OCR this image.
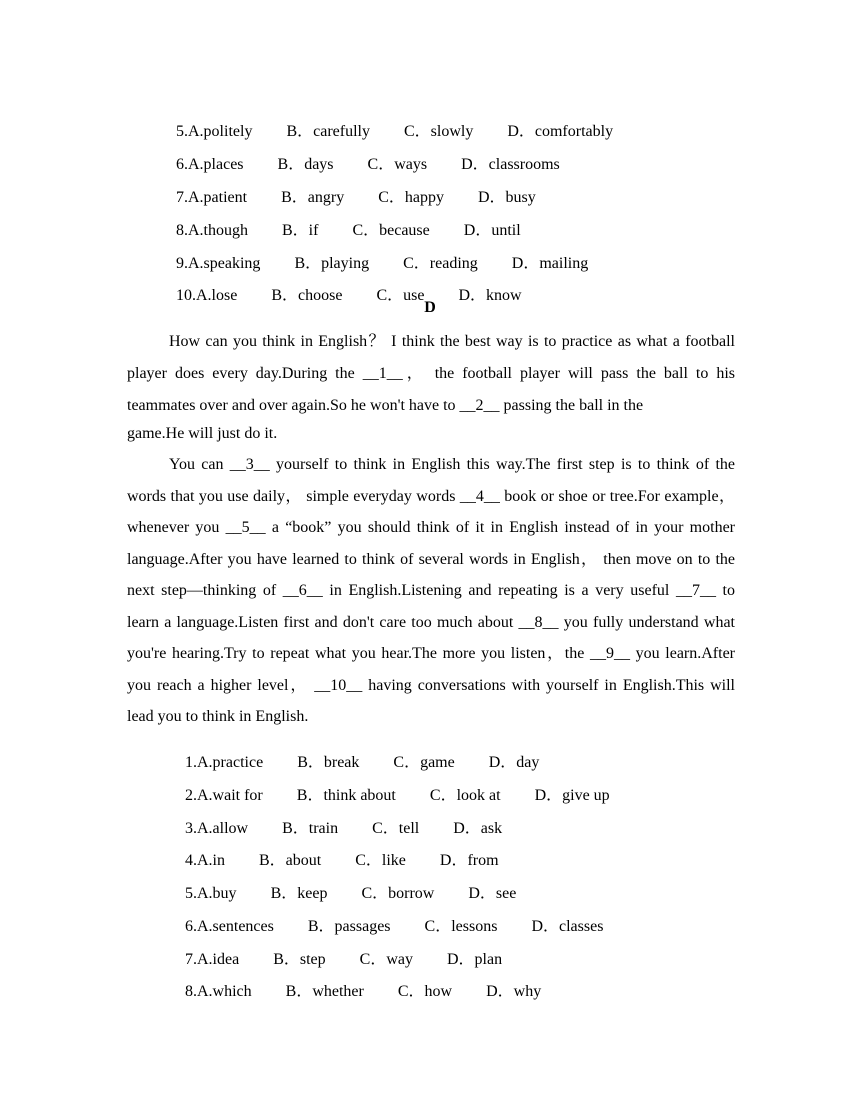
5.A.politely B．carefully C．slowly D．comfortably

6.A.places B．days C．ways D．classrooms

7.A.patient B．angry C．happy D．busy

8.A.though B．if C．because D．until

9.A.speaking B．playing C．reading D．mailing

10.A.lose B．choose C．use D．know

D

How can you think in English？ I think the best way is to practice as what a football player does every day.During the __1__， the football player will pass the ball to his teammates over and over again.So he won't have to __2__ passing the ball in the

game.He will just do it.

You can __3__ yourself to think in English this way.The first step is to think of the words that you use daily， simple everyday words __4__ book or shoe or tree.For example， whenever you __5__ a “book” you should think of it in English instead of in your mother language.After you have learned to think of several words in English， then move on to the next step—thinking of __6__ in English.Listening and repeating is a very useful __7__ to learn a language.Listen first and don't care too much about __8__ you fully understand what you're hearing.Try to repeat what you hear.The more you listen，the __9__ you learn.After you reach a higher level， __10__ having conversations with yourself in English.This will lead you to think in English.

1.A.practice B．break C．game D．day

2.A.wait for B．think about C．look at D．give up

3.A.allow B．train C．tell D．ask

4.A.in B．about C．like D．from

5.A.buy B．keep C．borrow D．see

6.A.sentences B．passages C．lessons D．classes

7.A.idea B．step C．way D．plan

8.A.which B．whether C．how D．why
